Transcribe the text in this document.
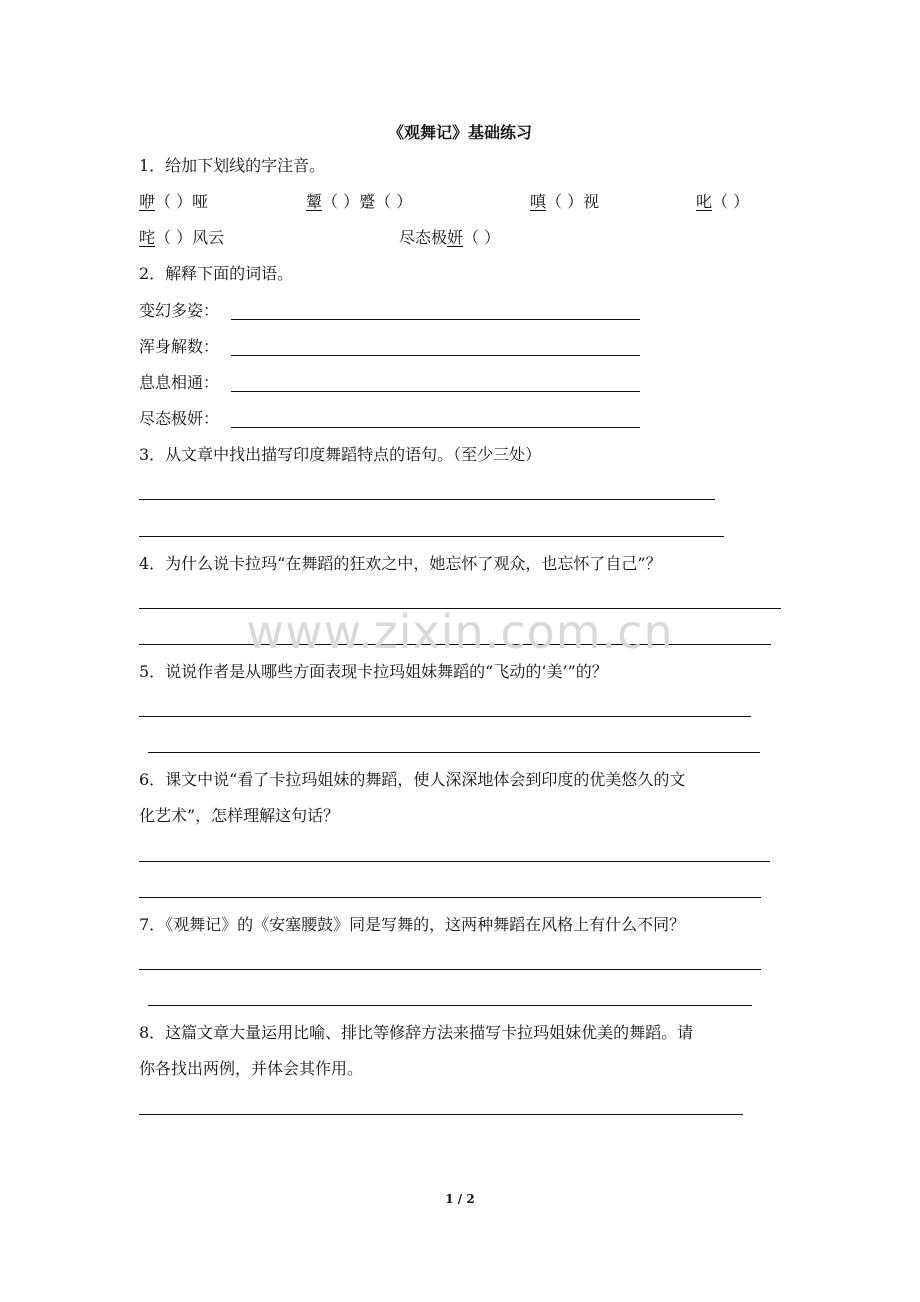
《观舞记》基础练习
1．给加下划线的字注音。
咿（ ）哑	颦（ ）蹙（ ）	嗔（ ）视	叱（ ）
咤（ ）风云	尽态极妍（ ）
2．解释下面的词语。
变幻多姿：
浑身解数：
息息相通：
尽态极妍：
3．从文章中找出描写印度舞蹈特点的语句。（至少三处）
4．为什么说卡拉玛“在舞蹈的狂欢之中，她忘怀了观众，也忘怀了自己”？
www.zixin.com.cn
5．说说作者是从哪些方面表现卡拉玛姐妹舞蹈的“飞动的‘美’”的？
6．课文中说“看了卡拉玛姐妹的舞蹈，使人深深地体会到印度的优美悠久的文
化艺术”，怎样理解这句话？
7．《观舞记》的《安塞腰鼓》同是写舞的，这两种舞蹈在风格上有什么不同？
8．这篇文章大量运用比喻、排比等修辞方法来描写卡拉玛姐妹优美的舞蹈。请
你各找出两例，并体会其作用。
1 / 2
